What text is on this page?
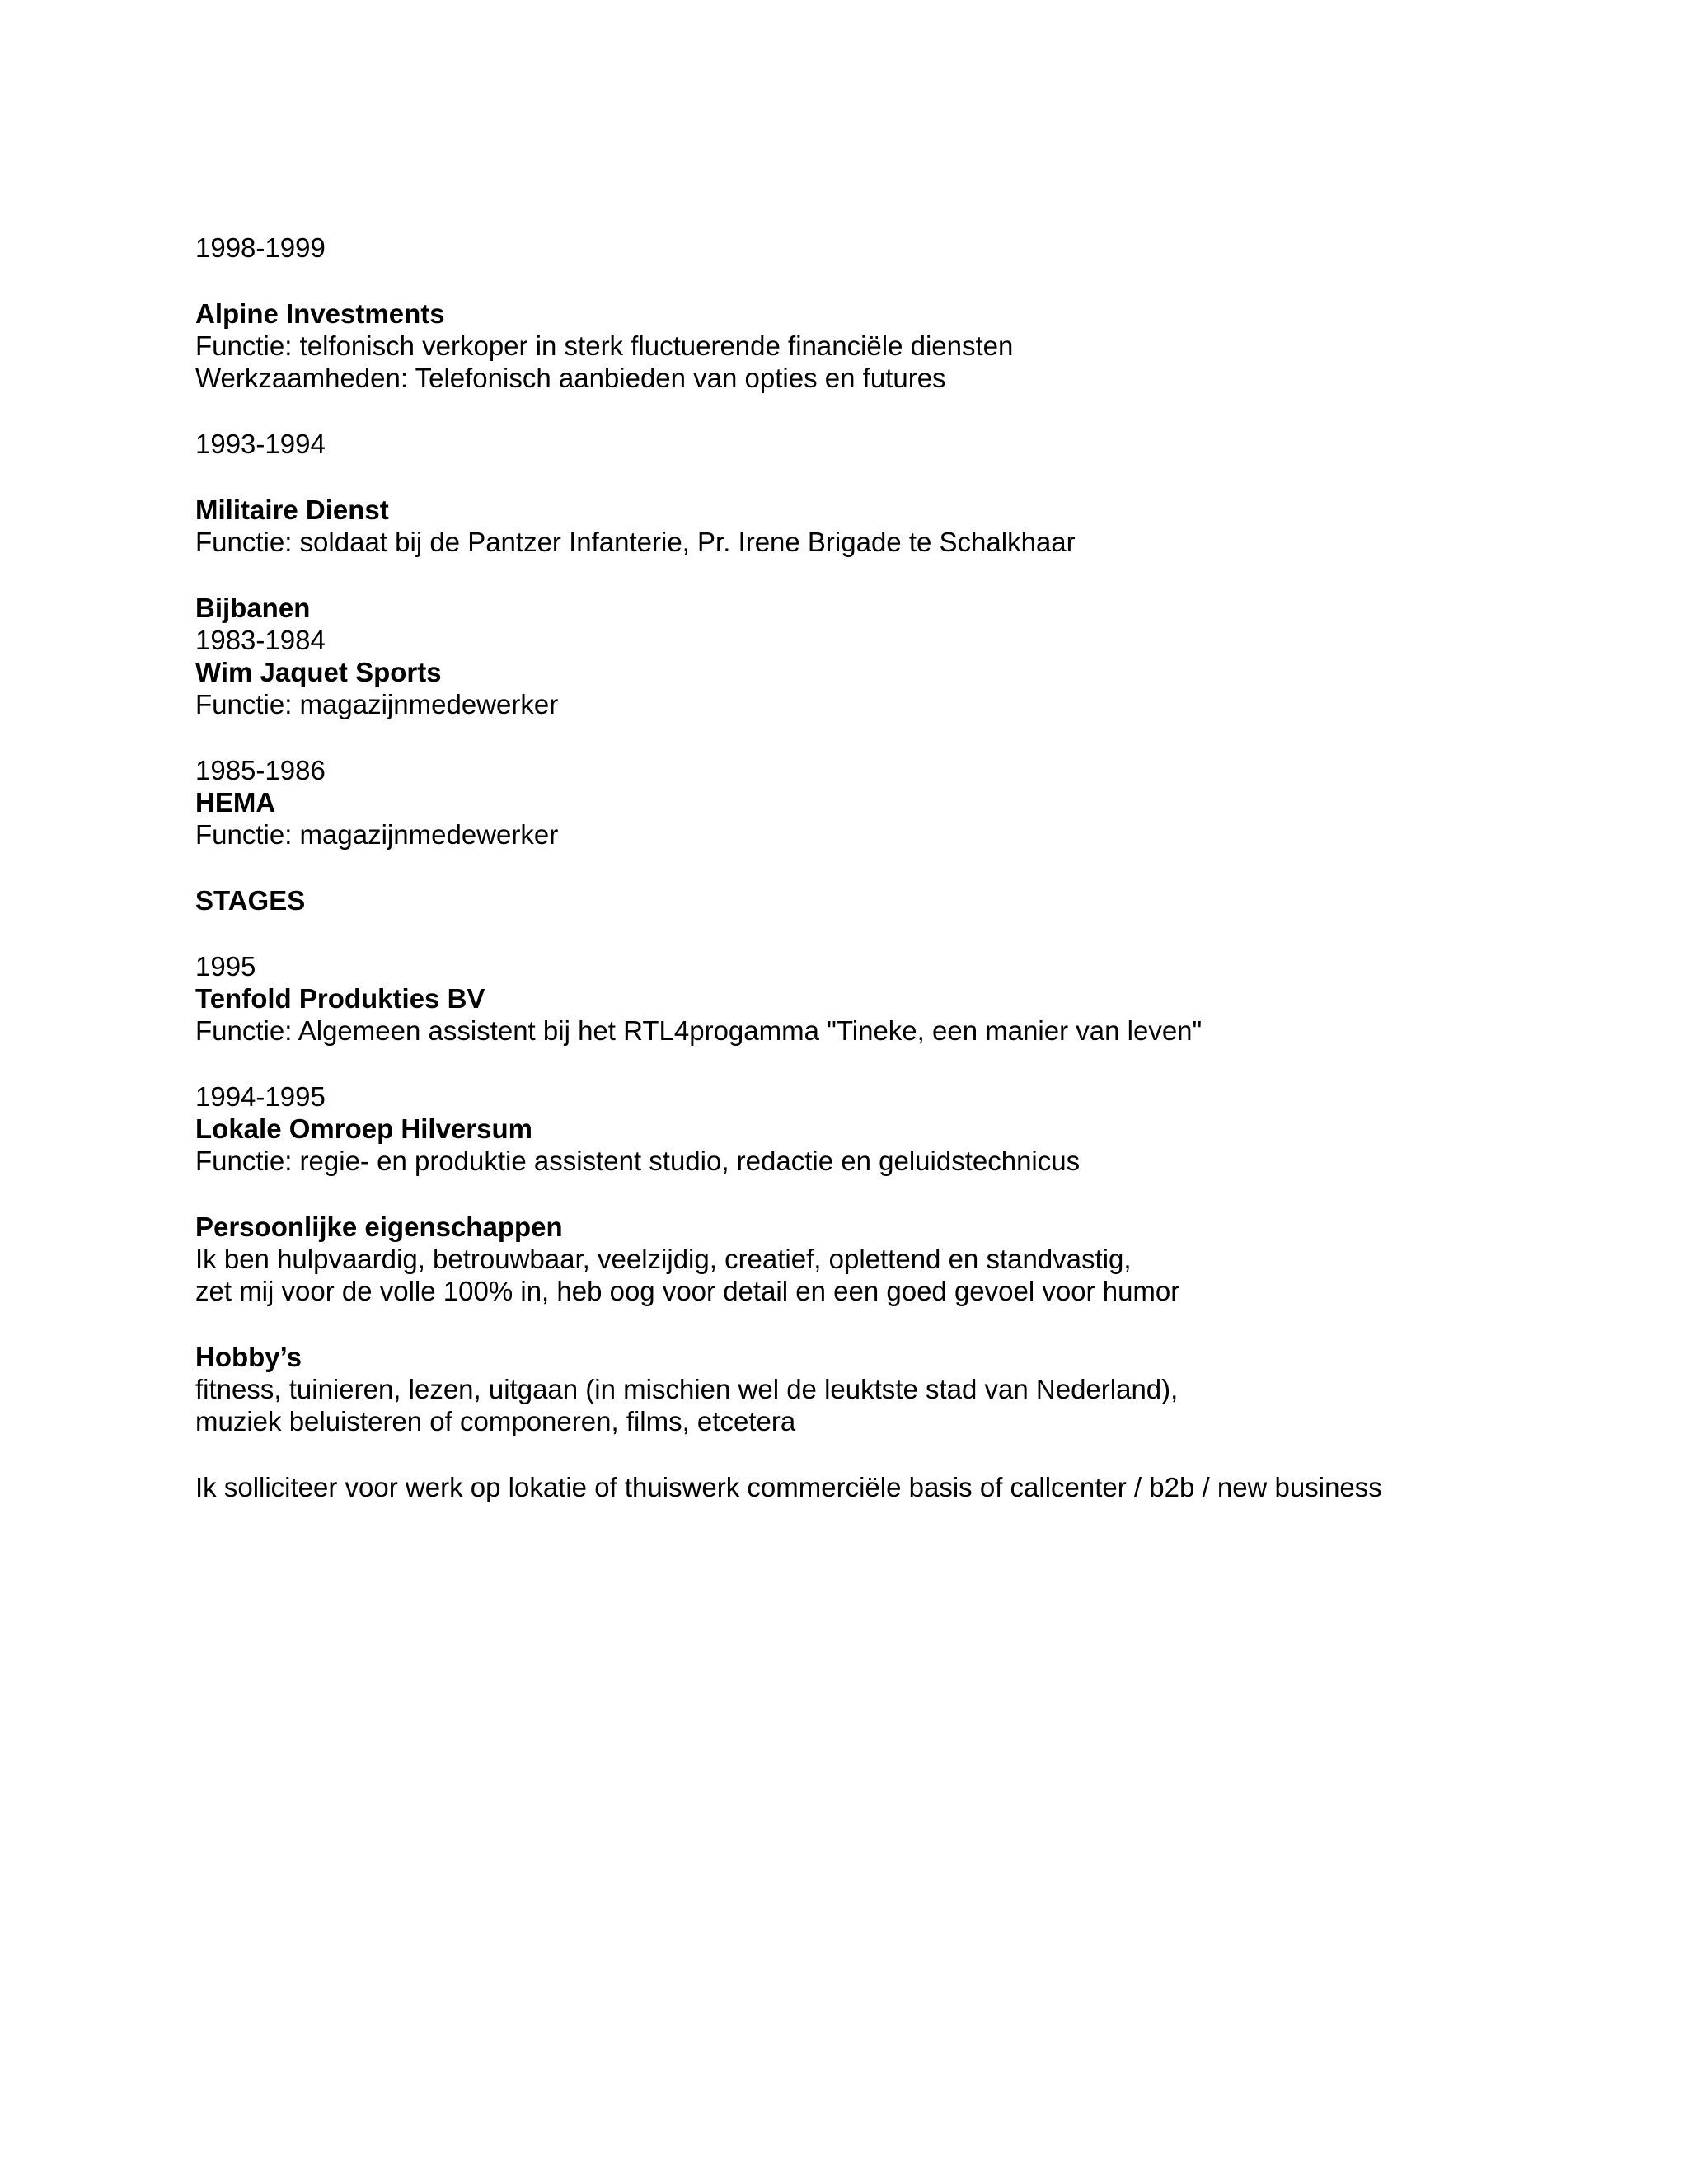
1998-1999
Alpine Investments
Functie: telfonisch verkoper in sterk fluctuerende financiële diensten
Werkzaamheden: Telefonisch aanbieden van opties en futures
1993-1994
Militaire Dienst
Functie: soldaat bij de Pantzer Infanterie, Pr. Irene Brigade te Schalkhaar
Bijbanen
1983-1984
Wim Jaquet Sports
Functie: magazijnmedewerker
1985-1986
HEMA
Functie: magazijnmedewerker
STAGES
1995
Tenfold Produkties BV
Functie: Algemeen assistent bij het RTL4progamma "Tineke, een manier van leven"
1994-1995
Lokale Omroep Hilversum
Functie: regie- en produktie assistent studio, redactie en geluidstechnicus
Persoonlijke eigenschappen
Ik ben hulpvaardig, betrouwbaar, veelzijdig, creatief, oplettend en standvastig,
zet mij voor de volle 100% in, heb oog voor detail en een goed gevoel voor humor
Hobby’s
fitness, tuinieren, lezen, uitgaan (in mischien wel de leuktste stad van Nederland),
muziek beluisteren of componeren, films, etcetera
Ik solliciteer voor werk op lokatie of thuiswerk commerciële basis of callcenter / b2b / new business
